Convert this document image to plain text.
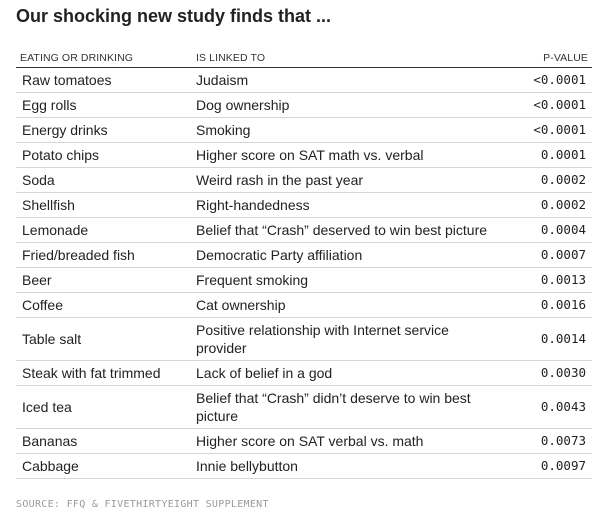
Our shocking new study finds that ...
EATING OR DRINKING	IS LINKED TO	P-VALUE
Raw tomatoes	Judaism	<0.0001
Egg rolls	Dog ownership	<0.0001
Energy drinks	Smoking	<0.0001
Potato chips	Higher score on SAT math vs. verbal	0.0001
Soda	Weird rash in the past year	0.0002
Shellfish	Right-handedness	0.0002
Lemonade	Belief that “Crash” deserved to win best picture	0.0004
Fried/breaded fish	Democratic Party affiliation	0.0007
Beer	Frequent smoking	0.0013
Coffee	Cat ownership	0.0016
Table salt	Positive relationship with Internet service provider	0.0014
Steak with fat trimmed	Lack of belief in a god	0.0030
Iced tea	Belief that “Crash” didn’t deserve to win best picture	0.0043
Bananas	Higher score on SAT verbal vs. math	0.0073
Cabbage	Innie bellybutton	0.0097
SOURCE: FFQ & FIVETHIRTYEIGHT SUPPLEMENT
